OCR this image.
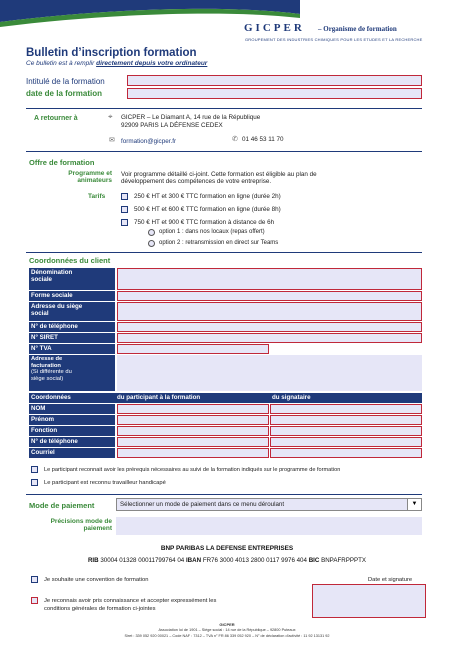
GICPER – Organisme de formation
GROUPEMENT DES INDUSTRIES CHIMIQUES POUR LES ETUDES ET LA RECHERCHE
Bulletin d’inscription formation
Ce bulletin est à remplir directement depuis votre ordinateur
Intitulé de la formation
date de la formation
A retourner à	⌖ GICPER – Le Diamant A, 14 rue de la République
92909 PARIS LA DÉFENSE CEDEX
✆ 01 46 53 11 70
✉ formation@gicper.fr
Offre de formation
Programme et
animateurs
Voir programme détaillé ci-joint. Cette formation est éligible au plan de
développement des compétences de votre entreprise.
Tarifs	250 € HT et 300 € TTC formation en ligne (durée 2h)
500 € HT et 600 € TTC formation en ligne (durée 8h)
750 € HT et 900 € TTC formation à distance de 6h
option 1 : dans nos locaux (repas offert)
option 2 : retransmission en direct sur Teams
Coordonnées du client
Dénomination
sociale
Forme sociale
Adresse du siège
social
N° de téléphone
N° SIRET
N° TVA
Adresse de
facturation
(Si différente du
siège social)
Coordonnées	du participant à la formation	du signataire
NOM
Prénom
Fonction
N° de téléphone
Courriel
Le participant reconnait avoir les prérequis nécessaires au suivi de la formation indiqués sur le programme de formation
Le participant est reconnu travailleur handicapé
Mode de paiement	Sélectionner un mode de paiement dans ce menu déroulant	▼
Précisions mode de
paiement
BNP PARIBAS LA DEFENSE ENTREPRISES
RIB 30004 01328 00011799764 04 IBAN FR76 3000 4013 2800 0117 9976 404 BIC BNPAFRPPPTX
Je souhaite une convention de formation	Date et signature
Je reconnais avoir pris connaissance et accepter expressément les
conditions générales de formation ci-jointes
GICPER
Association loi de 1901 – Siège social : 14 rue de la République – 92800 Puteaux
Siret : 339 052 920 00021 – Code NAF : 7312 – TVA n° FR 86 339 052 920 – N° de déclaration d’activité : 11 92 13131 92
